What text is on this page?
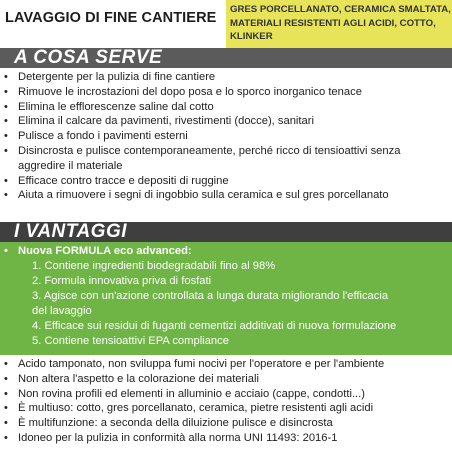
LAVAGGIO DI FINE CANTIERE
GRES PORCELLANATO, CERAMICA SMALTATA,
MATERIALI RESISTENTI AGLI ACIDI, COTTO,
KLINKER
A COSA SERVE
• Detergente per la pulizia di fine cantiere
• Rimuove le incrostazioni del dopo posa e lo sporco inorganico tenace
• Elimina le efflorescenze saline dal cotto
• Elimina il calcare da pavimenti, rivestimenti (docce), sanitari
• Pulisce a fondo i pavimenti esterni
• Disincrosta e pulisce contemporaneamente, perché ricco di tensioattivi senza
aggredire il materiale
• Efficace contro tracce e depositi di ruggine
• Aiuta a rimuovere i segni di ingobbio sulla ceramica e sul gres porcellanato
I VANTAGGI
• Nuova FORMULA eco advanced:
1. Contiene ingredienti biodegradabili fino al 98%
2. Formula innovativa priva di fosfati
3. Agisce con un'azione controllata a lunga durata migliorando l'efficacia
del lavaggio
4. Efficace sui residui di fuganti cementizi additivati di nuova formulazione
5. Contiene tensioattivi EPA compliance
• Acido tamponato, non sviluppa fumi nocivi per l'operatore e per l'ambiente
• Non altera l'aspetto e la colorazione dei materiali
• Non rovina profili ed elementi in alluminio e acciaio (cappe, condotti...)
• È multiuso: cotto, gres porcellanato, ceramica, pietre resistenti agli acidi
• È multifunzione: a seconda della diluizione pulisce e disincrosta
• Idoneo per la pulizia in conformità alla norma UNI 11493: 2016-1
